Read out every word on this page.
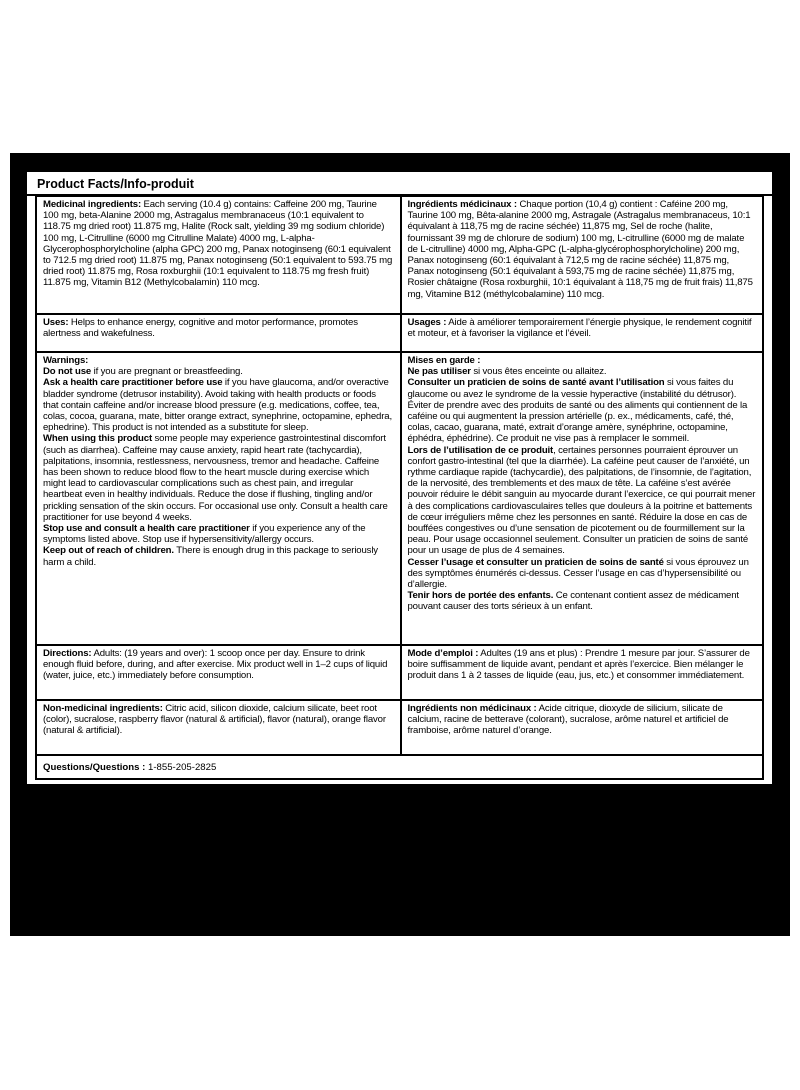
Product Facts/Info-produit

Medicinal ingredients: Each serving (10.4 g) contains: Caffeine 200 mg, Taurine 100 mg, beta-Alanine 2000 mg, Astragalus membranaceus (10:1 equivalent to 118.75 mg dried root) 11.875 mg, Halite (Rock salt, yielding 39 mg sodium chloride) 100 mg, L-Citrulline (6000 mg Citrulline Malate) 4000 mg, L-alpha-Glycerophosphorylcholine (alpha GPC) 200 mg, Panax notoginseng (60:1 equivalent to 712.5 mg dried root) 11.875 mg, Panax notoginseng (50:1 equivalent to 593.75 mg dried root) 11.875 mg, Rosa roxburghii (10:1 equivalent to 118.75 mg fresh fruit) 11.875 mg, Vitamin B12 (Methylcobalamin) 110 mcg.

Ingrédients médicinaux : Chaque portion (10,4 g) contient : Caféine 200 mg, Taurine 100 mg, Bêta-alanine 2000 mg, Astragale (Astragalus membranaceus, 10:1 équivalant à 118,75 mg de racine séchée) 11,875 mg, Sel de roche (halite, fournissant 39 mg de chlorure de sodium) 100 mg, L-citrulline (6000 mg de malate de L-citrulline) 4000 mg, Alpha-GPC (L-alpha-glycérophosphorylcholine) 200 mg, Panax notoginseng (60:1 équivalant à 712,5 mg de racine séchée) 11,875 mg, Panax notoginseng (50:1 équivalant à 593,75 mg de racine séchée) 11,875 mg, Rosier châtaigne (Rosa roxburghii, 10:1 équivalant à 118,75 mg de fruit frais) 11,875 mg, Vitamine B12 (méthylcobalamine) 110 mcg.

Uses: Helps to enhance energy, cognitive and motor performance, promotes alertness and wakefulness.

Usages : Aide à améliorer temporairement l’énergie physique, le rendement cognitif et moteur, et à favoriser la vigilance et l’éveil.

Warnings:

Do not use if you are pregnant or breastfeeding.

Ask a health care practitioner before use if you have glaucoma, and/or overactive bladder syndrome (detrusor instability). Avoid taking with health products or foods that contain caffeine and/or increase blood pressure (e.g. medications, coffee, tea, colas, cocoa, guarana, mate, bitter orange extract, synephrine, octopamine, ephedra, ephedrine). This product is not intended as a substitute for sleep.

When using this product some people may experience gastrointestinal discomfort (such as diarrhea). Caffeine may cause anxiety, rapid heart rate (tachycardia), palpitations, insomnia, restlessness, nervousness, tremor and headache. Caffeine has been shown to reduce blood flow to the heart muscle during exercise which might lead to cardiovascular complications such as chest pain, and irregular heartbeat even in healthy individuals. Reduce the dose if flushing, tingling and/or prickling sensation of the skin occurs. For occasional use only. Consult a health care practitioner for use beyond 4 weeks.

Stop use and consult a health care practitioner if you experience any of the symptoms listed above. Stop use if hypersensitivity/allergy occurs.

Keep out of reach of children. There is enough drug in this package to seriously harm a child.

Mises en garde :

Ne pas utiliser si vous êtes enceinte ou allaitez.

Consulter un praticien de soins de santé avant l’utilisation si vous faites du glaucome ou avez le syndrome de la vessie hyperactive (instabilité du détrusor). Éviter de prendre avec des produits de santé ou des aliments qui contiennent de la caféine ou qui augmentent la pression artérielle (p. ex., médicaments, café, thé, colas, cacao, guarana, maté, extrait d’orange amère, synéphrine, octopamine, éphédra, éphédrine). Ce produit ne vise pas à remplacer le sommeil.

Lors de l’utilisation de ce produit, certaines personnes pourraient éprouver un confort gastro-intestinal (tel que la diarrhée). La caféine peut causer de l’anxiété, un rythme cardiaque rapide (tachycardie), des palpitations, de l’insomnie, de l’agitation, de la nervosité, des tremblements et des maux de tête. La caféine s’est avérée pouvoir réduire le débit sanguin au myocarde durant l’exercice, ce qui pourrait mener à des complications cardiovasculaires telles que douleurs à la poitrine et battements de cœur irréguliers même chez les personnes en santé. Réduire la dose en cas de bouffées congestives ou d’une sensation de picotement ou de fourmillement sur la peau. Pour usage occasionnel seulement. Consulter un praticien de soins de santé pour un usage de plus de 4 semaines.

Cesser l’usage et consulter un praticien de soins de santé si vous éprouvez un des symptômes énumérés ci-dessus. Cesser l’usage en cas d’hypersensibilité ou d’allergie.

Tenir hors de portée des enfants. Ce contenant contient assez de médicament pouvant causer des torts sérieux à un enfant.

Directions: Adults: (19 years and over): 1 scoop once per day. Ensure to drink enough fluid before, during, and after exercise. Mix product well in 1–2 cups of liquid (water, juice, etc.) immediately before consumption.

Mode d’emploi : Adultes (19 ans et plus) : Prendre 1 mesure par jour. S’assurer de boire suffisamment de liquide avant, pendant et après l’exercice. Bien mélanger le produit dans 1 à 2 tasses de liquide (eau, jus, etc.) et consommer immédiatement.

Non-medicinal ingredients: Citric acid, silicon dioxide, calcium silicate, beet root (color), sucralose, raspberry flavor (natural & artificial), flavor (natural), orange flavor (natural & artificial).

Ingrédients non médicinaux : Acide citrique, dioxyde de silicium, silicate de calcium, racine de betterave (colorant), sucralose, arôme naturel et artificiel de framboise, arôme naturel d’orange.

Questions/Questions : 1-855-205-2825
